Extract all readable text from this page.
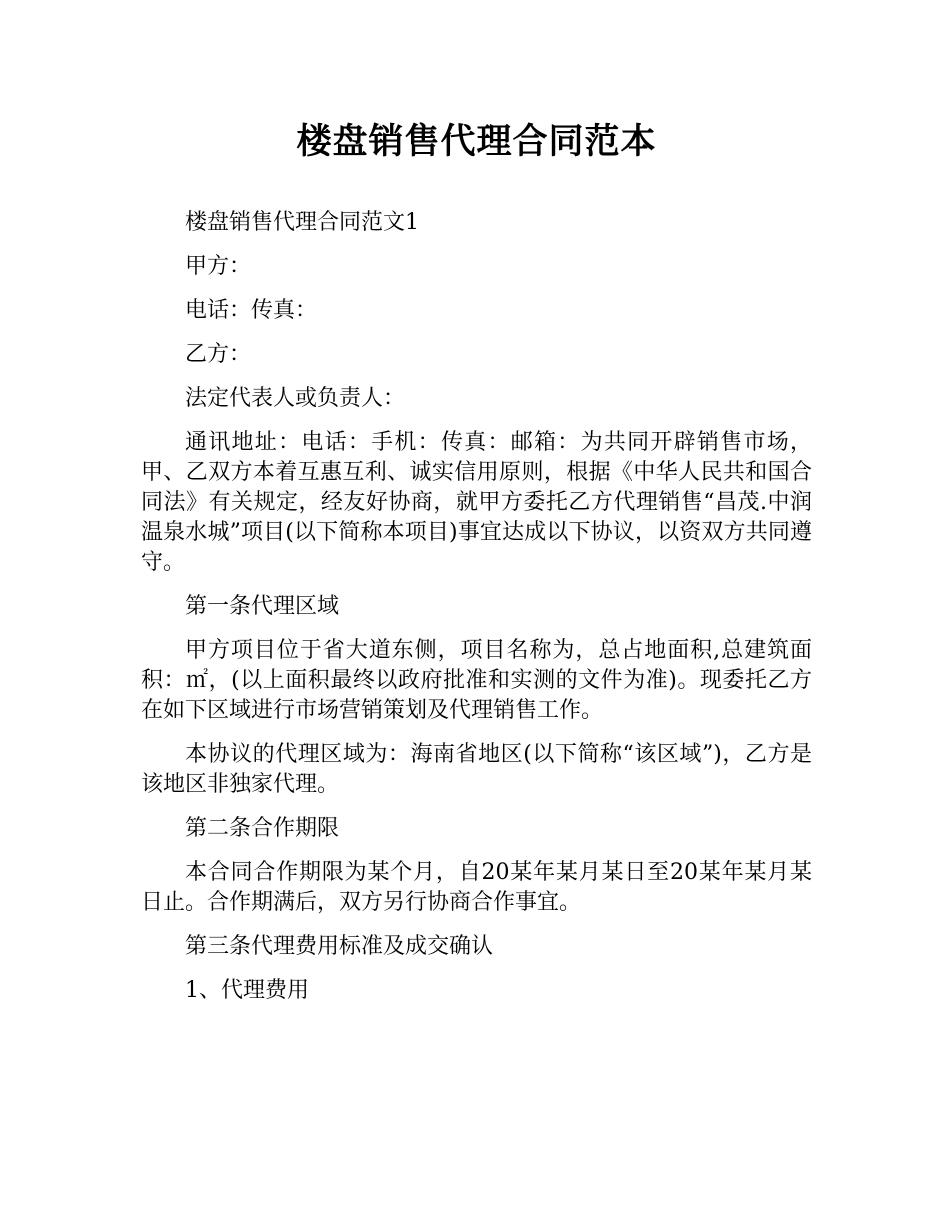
楼盘销售代理合同范本

楼盘销售代理合同范文1

甲方：

电话：传真：

乙方：

法定代表人或负责人：

通讯地址：电话：手机：传真：邮箱：为共同开辟销售市场，甲、乙双方本着互惠互利、诚实信用原则，根据《中华人民共和国合同法》有关规定，经友好协商，就甲方委托乙方代理销售“昌茂.中润温泉水城”项目(以下简称本项目)事宜达成以下协议，以资双方共同遵守。

第一条代理区域

甲方项目位于省大道东侧，项目名称为，总占地面积,总建筑面积：㎡，(以上面积最终以政府批准和实测的文件为准)。现委托乙方在如下区域进行市场营销策划及代理销售工作。

本协议的代理区域为：海南省地区(以下简称“该区域”)，乙方是该地区非独家代理。

第二条合作期限

本合同合作期限为某个月，自20某年某月某日至20某年某月某日止。合作期满后，双方另行协商合作事宜。

第三条代理费用标准及成交确认

1、代理费用
